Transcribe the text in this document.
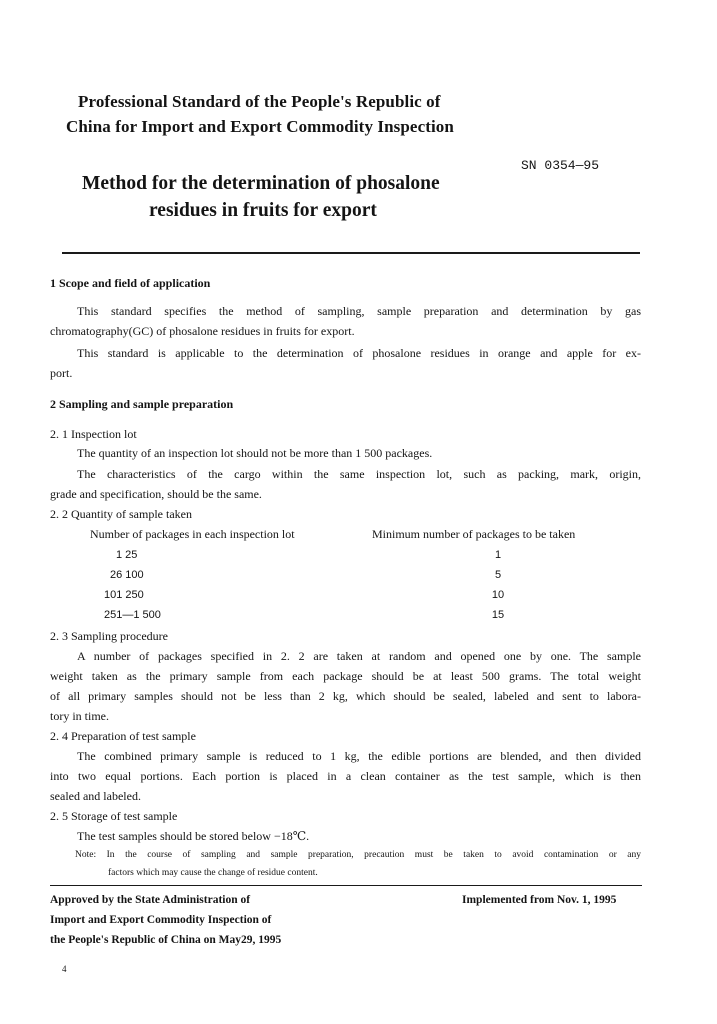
Professional Standard of the People's Republic of
China for Import and Export Commodity Inspection
SN 0354—95
Method for the determination of phosalone
residues in fruits for export
1 Scope and field of application
This standard specifies the method of sampling, sample preparation and determination by gas
chromatography(GC) of phosalone residues in fruits for export.
This standard is applicable to the determination of phosalone residues in orange and apple for ex-
port.
2 Sampling and sample preparation
2. 1 Inspection lot
The quantity of an inspection lot should not be more than 1 500 packages.
The characteristics of the cargo within the same inspection lot, such as packing, mark, origin,
grade and specification, should be the same.
2. 2 Quantity of sample taken
Number of packages in each inspection lot	Minimum number of packages to be taken
1 25	1
26 100	5
101 250	10
251—1 500	15
2. 3 Sampling procedure
A number of packages specified in 2. 2 are taken at random and opened one by one. The sample
weight taken as the primary sample from each package should be at least 500 grams. The total weight
of all primary samples should not be less than 2 kg, which should be sealed, labeled and sent to labora-
tory in time.
2. 4 Preparation of test sample
The combined primary sample is reduced to 1 kg, the edible portions are blended, and then divided
into two equal portions. Each portion is placed in a clean container as the test sample, which is then
sealed and labeled.
2. 5 Storage of test sample
The test samples should be stored below −18℃.
Note: In the course of sampling and sample preparation, precaution must be taken to avoid contamination or any
factors which may cause the change of residue content.
Approved by the State Administration of
Import and Export Commodity Inspection of
the People's Republic of China on May29, 1995
Implemented from Nov. 1, 1995
4
